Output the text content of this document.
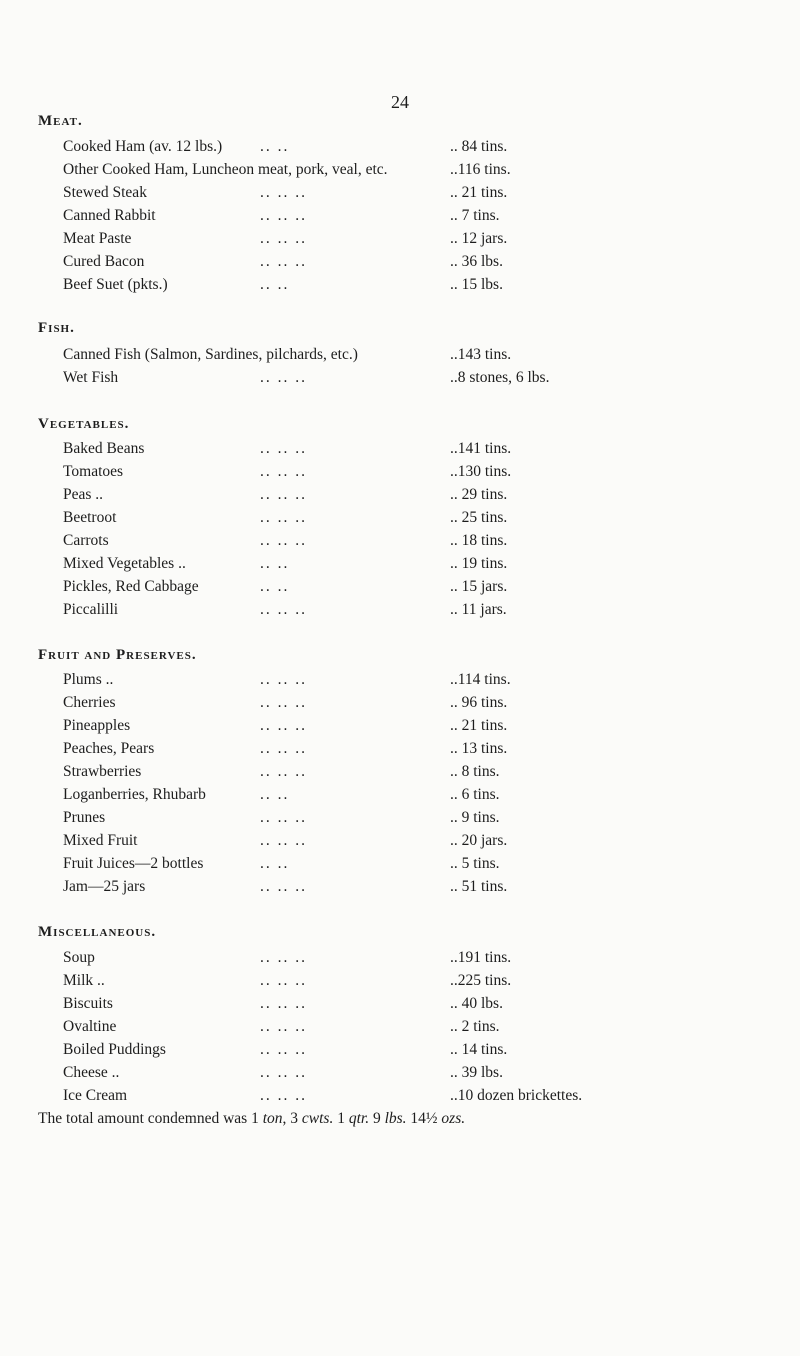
24
Meat.
Cooked Ham (av. 12 lbs.) .. ..	.. 84 tins.
Other Cooked Ham, Luncheon meat, pork, veal, etc.	..116 tins.
Stewed Steak	.. .. ..	.. 21 tins.
Canned Rabbit	.. .. ..	.. 7 tins.
Meat Paste	.. .. ..	.. 12 jars.
Cured Bacon	.. .. ..	.. 36 lbs.
Beef Suet (pkts.)	.. ..	.. 15 lbs.
Fish.
Canned Fish (Salmon, Sardines, pilchards, etc.)	..143 tins.
Wet Fish	.. .. ..	..8 stones, 6 lbs.
Vegetables.
Baked Beans	.. .. ..	..141 tins.
Tomatoes	.. .. ..	..130 tins.
Peas ..	.. .. ..	.. 29 tins.
Beetroot	.. .. ..	.. 25 tins.
Carrots	.. .. ..	.. 18 tins.
Mixed Vegetables ..	.. ..	.. 19 tins.
Pickles, Red Cabbage	.. ..	.. 15 jars.
Piccalilli	.. .. ..	.. 11 jars.
Fruit and Preserves.
Plums ..	.. .. ..	..114 tins.
Cherries	.. .. ..	.. 96 tins.
Pineapples	.. .. ..	.. 21 tins.
Peaches, Pears	.. .. ..	.. 13 tins.
Strawberries	.. .. ..	.. 8 tins.
Loganberries, Rhubarb	.. ..	.. 6 tins.
Prunes	.. .. ..	.. 9 tins.
Mixed Fruit	.. .. ..	.. 20 jars.
Fruit Juices—2 bottles	.. ..	.. 5 tins.
Jam—25 jars	.. .. ..	.. 51 tins.
Miscellaneous.
Soup	.. .. ..	..191 tins.
Milk ..	.. .. ..	..225 tins.
Biscuits	.. .. ..	.. 40 lbs.
Ovaltine	.. .. ..	.. 2 tins.
Boiled Puddings	.. .. ..	.. 14 tins.
Cheese ..	.. .. ..	.. 39 lbs.
Ice Cream	.. .. ..	..10 dozen brickettes.
The total amount condemned was 1 ton, 3 cwts. 1 qtr. 9 lbs. 14½ ozs.
